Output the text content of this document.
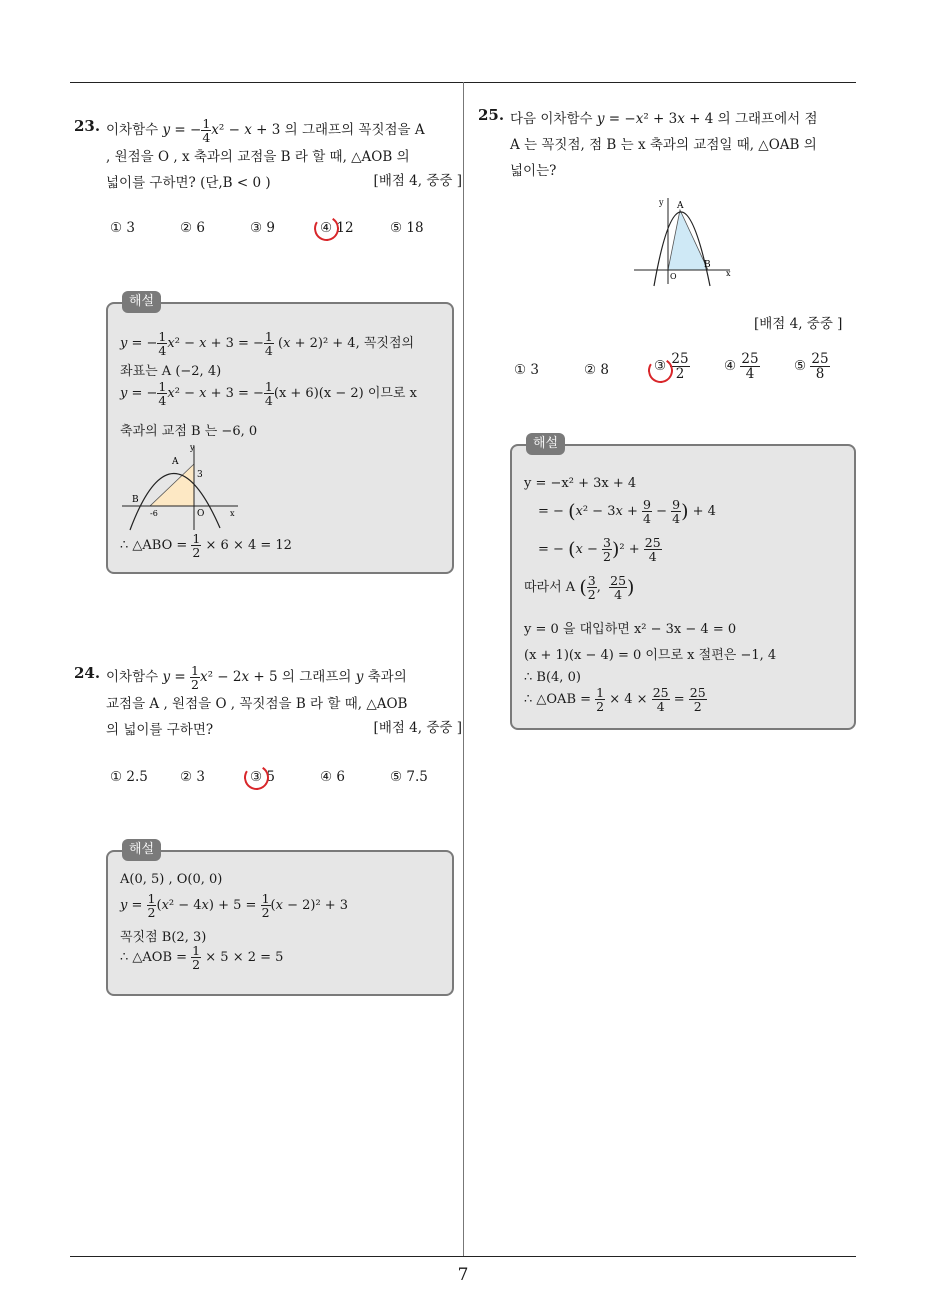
23. 이차함수 y = − $\frac{1}{4} x^2 - x + 3$ 의 그래프의 꼭짓점을 A
, 원점을 O , x 축과의 교점을 B 라 할 때, △AOB 의
넓이를 구하면? (단,B < 0 )	[배점 4, 중중 ]
① 3	② 6	③ 9	④ 12	⑤ 18
해설
y = − $\frac{1}{4} x^2 - x + 3$ = − $\frac{1}{4} (x + 2)^2 + 4$, 꼭짓점의
좌표는 A (−2, 4)
y = − $\frac{1}{4} x^2 - x + 3$ = − $\frac{1}{4} (x + 6)(x - 2)$ 이므로 x
축과의 교점 B 는 −6, 0
y
A
3
B
-6	O	x
∴ △ABO = $\frac{1}{2} \times 6 \times 4 = 12$
24. 이차함수 $y = \frac{1}{2} x^2 - 2x + 5$ 의 그래프의 y 축과의
교점을 A , 원점을 O , 꼭짓점을 B 라 할 때, △AOB
의 넓이를 구하면?	[배점 4, 중중 ]
① 2.5 ② 3	③ 5	④ 6	⑤ 7.5
해설
A(0, 5) , O(0, 0)
$y = \frac{1}{2} (x^2 - 4x) + 5 = \frac{1}{2} (x - 2)^2 + 3$
꼭짓점 B(2, 3)
∴ △AOB = $\frac{1}{2} \times 5 \times 2 = 5$
25. 다음 이차함수 y = −x² + 3x + 4 의 그래프에서 점
A 는 꼭짓점, 점 B 는 x 축과의 교점일 때, △OAB 의
넓이는?
y A
B
O	x
[배점 4, 중중 ]
① 3	② 8	③ $\frac{25}{2}$	④ $\frac{25}{4}$	⑤ $\frac{25}{8}$
해설
y = −x² + 3x + 4
= − ($x^2 - 3x + \frac{9}{4} - \frac{9}{4}$ ) + 4
= − $(x - \frac{3}{2} )^2 + \frac{25}{4}$
따라서 A ( $\frac{3}{2}$ , $\frac{25}{4}$ )
y = 0 을 대입하면 x² − 3x − 4 = 0
(x + 1)(x − 4) = 0 이므로 x 절편은 −1, 4
∴ B(4, 0)
∴ △OAB = $\frac{1}{2} \times 4 \times \frac{25}{4} = \frac{25}{2}$
7
